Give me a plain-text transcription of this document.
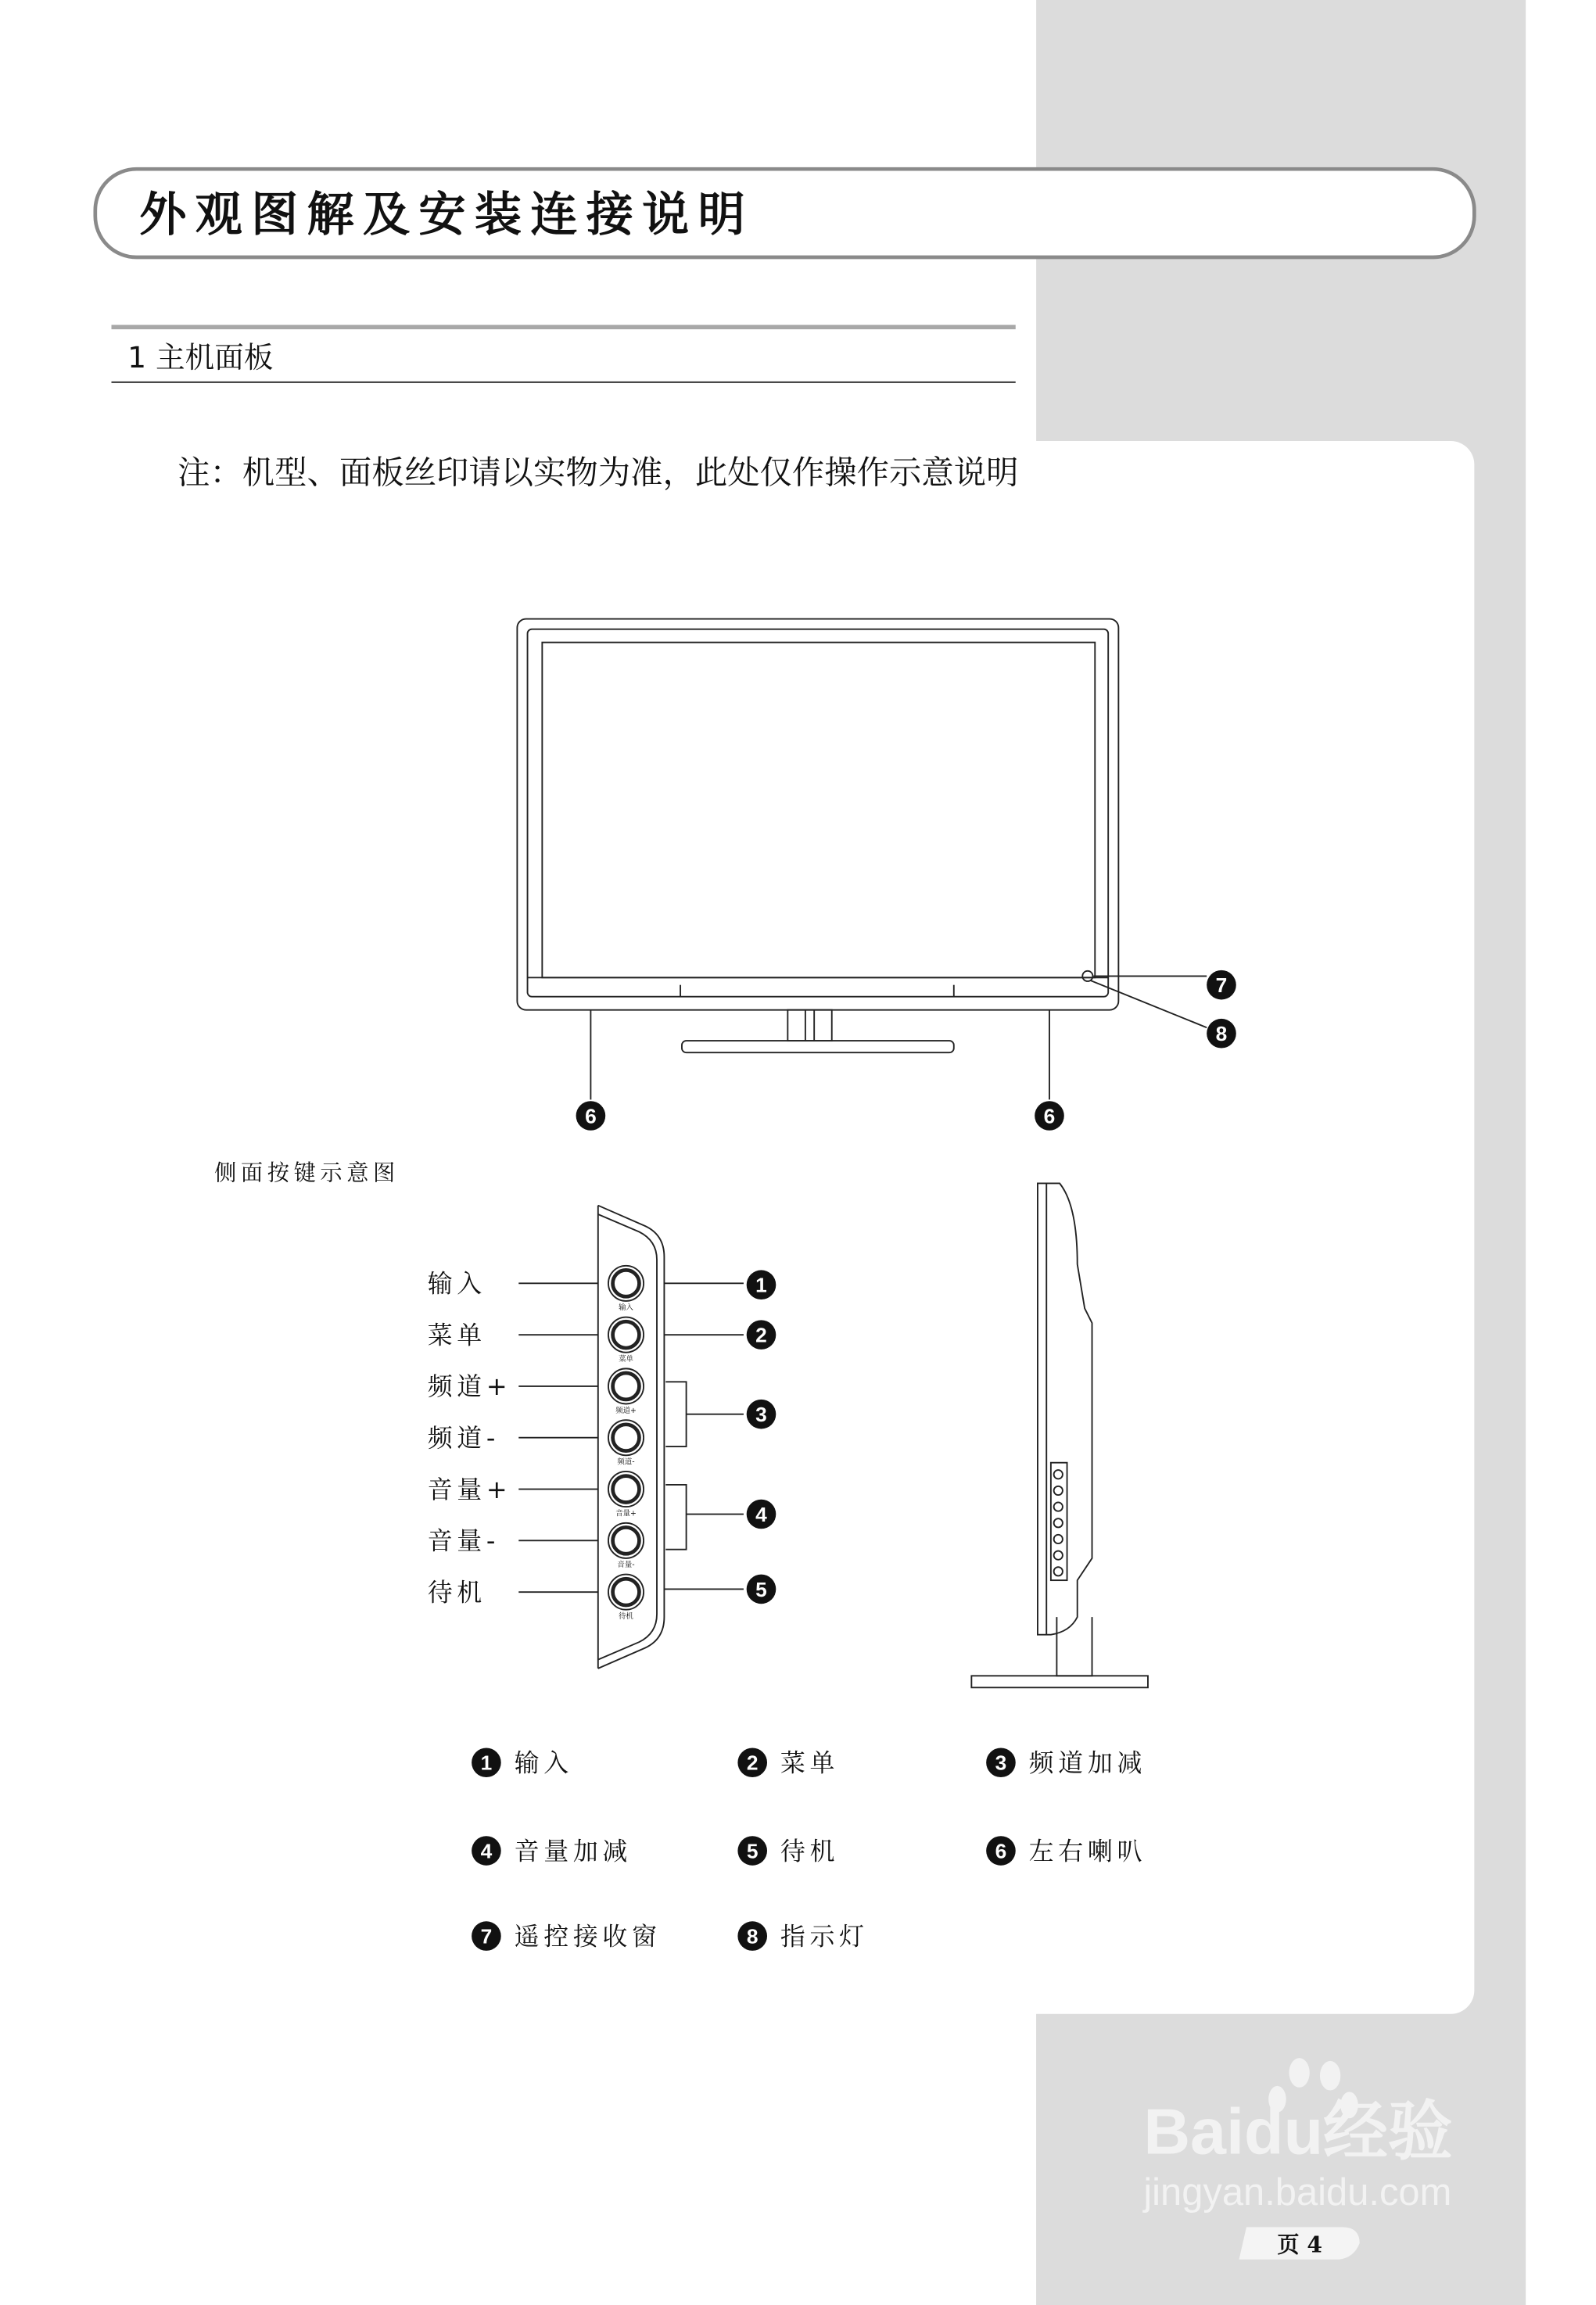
外观图解及安装连接说明
1 主机面板
注：机型、面板丝印请以实物为准，此处仅作操作示意说明
7
8
6	6
侧面按键示意图
输入
输入
菜单
菜单
频道+
频道+
频道-
频道-
音量+
音量+
音量-
音量-
待机
待机
1
2
3
4
5
1 输入	2 菜单	3 频道加减
4 音量加减	5 待机	6 左右喇叭
7 遥控接收窗	8 指示灯
Baidu经验
jingyan.baidu.com
页 4
